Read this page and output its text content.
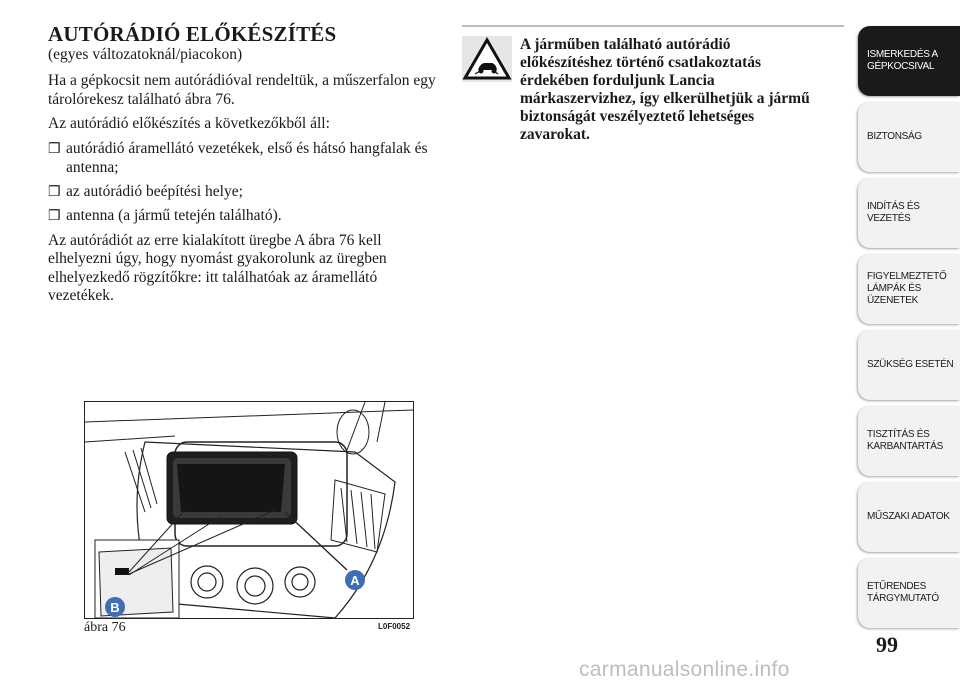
AUTÓRÁDIÓ ELŐKÉSZÍTÉS

(egyes változatoknál/piacokon)

Ha a gépkocsit nem autórádióval rendeltük, a műszerfalon egy tárolórekesz található ábra 76.

Az autórádió előkészítés a következőkből áll:

❒ autórádió áramellátó vezetékek, első és hátsó hangfalak és antenna;

❒ az autórádió beépítési helye;

❒ antenna (a jármű tetején található).

Az autórádiót az erre kialakított üregbe A ábra 76 kell elhelyezni úgy, hogy nyomást gyakorolunk az üregben elhelyezkedő rögzítőkre: itt találhatóak az áramellátó vezetékek.

A járműben található autórádió
előkészítéshez történő csatlakoztatás érdekében forduljunk Lancia márkaszervizhez, így elkerülhetjük a jármű biztonságát veszélyeztető lehetséges zavarokat.

A
B
ábra 76	L0F0052
ISMERKEDÉS A GÉPKOCSIVAL
BIZTONSÁG
INDÍTÁS ÉS VEZETÉS
FIGYELMEZTETŐ LÁMPÁK ÉS ÜZENETEK
SZÜKSÉG ESETÉN
TISZTÍTÁS ÉS KARBANTARTÁS
MŰSZAKI ADATOK
ETŰRENDES TÁRGYMUTATÓ
99
carmanualsonline.info
